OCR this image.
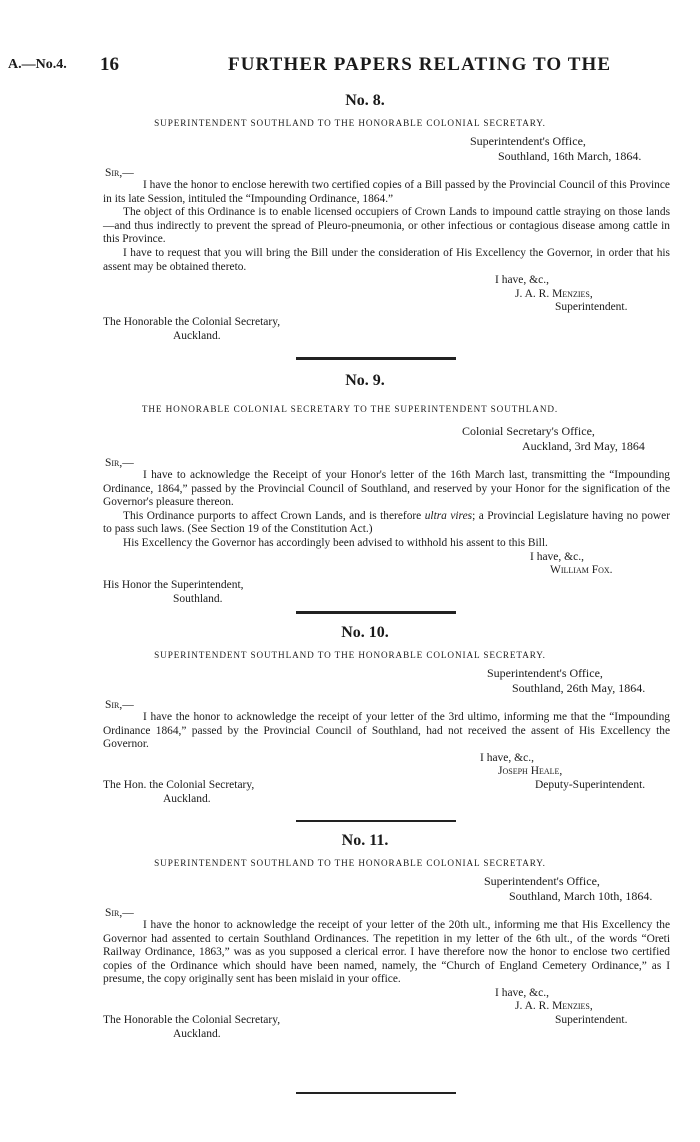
A.—No.4. 16	FURTHER PAPERS RELATING TO THE
No. 8.
SUPERINTENDENT SOUTHLAND TO THE HONORABLE COLONIAL SECRETARY.
Superintendent's Office,
Southland, 16th March, 1864.
Sir,—

I have the honor to enclose herewith two certified copies of a Bill passed by the Provincial Council of this Province in its late Session, intituled the “Impounding Ordinance, 1864.”

The object of this Ordinance is to enable licensed occupiers of Crown Lands to impound cattle straying on those lands—and thus indirectly to prevent the spread of Pleuro-pneumonia, or other infectious or contagious disease among cattle in this Province.

I have to request that you will bring the Bill under the consideration of His Excellency the Governor, in order that his assent may be obtained thereto.

I have, &c.,
J. A. R. Menzies,
Superintendent.
The Honorable the Colonial Secretary,
Auckland.
No. 9.
THE HONORABLE COLONIAL SECRETARY TO THE SUPERINTENDENT SOUTHLAND.
Colonial Secretary's Office,
Auckland, 3rd May, 1864
Sir,—

I have to acknowledge the Receipt of your Honor's letter of the 16th March last, transmitting the “Impounding Ordinance, 1864,” passed by the Provincial Council of Southland, and reserved by your Honor for the signification of the Governor's pleasure thereon.

This Ordinance purports to affect Crown Lands, and is therefore ultra vires; a Provincial Legislature having no power to pass such laws. (See Section 19 of the Constitution Act.)

His Excellency the Governor has accordingly been advised to withhold his assent to this Bill.

I have, &c.,
William Fox.
His Honor the Superintendent,
Southland.
No. 10.
SUPERINTENDENT SOUTHLAND TO THE HONORABLE COLONIAL SECRETARY.
Superintendent's Office,
Southland, 26th May, 1864.
Sir,—

I have the honor to acknowledge the receipt of your letter of the 3rd ultimo, informing me that the “Impounding Ordinance 1864,” passed by the Provincial Council of Southland, had not received the assent of His Excellency the Governor.

I have, &c.,
Joseph Heale,
Deputy-Superintendent.
The Hon. the Colonial Secretary,
Auckland.
No. 11.
SUPERINTENDENT SOUTHLAND TO THE HONORABLE COLONIAL SECRETARY.
Superintendent's Office,
Southland, March 10th, 1864.
Sir,—

I have the honor to acknowledge the receipt of your letter of the 20th ult., informing me that His Excellency the Governor had assented to certain Southland Ordinances. The repetition in my letter of the 6th ult., of the words “Oreti Railway Ordinance, 1863,” was as you supposed a clerical error. I have therefore now the honor to enclose two certified copies of the Ordinance which should have been named, namely, the “Church of England Cemetery Ordinance,” as I presume, the copy originally sent has been mislaid in your office.

I have, &c.,
J. A. R. Menzies,
Superintendent.
The Honorable the Colonial Secretary,
Auckland.
